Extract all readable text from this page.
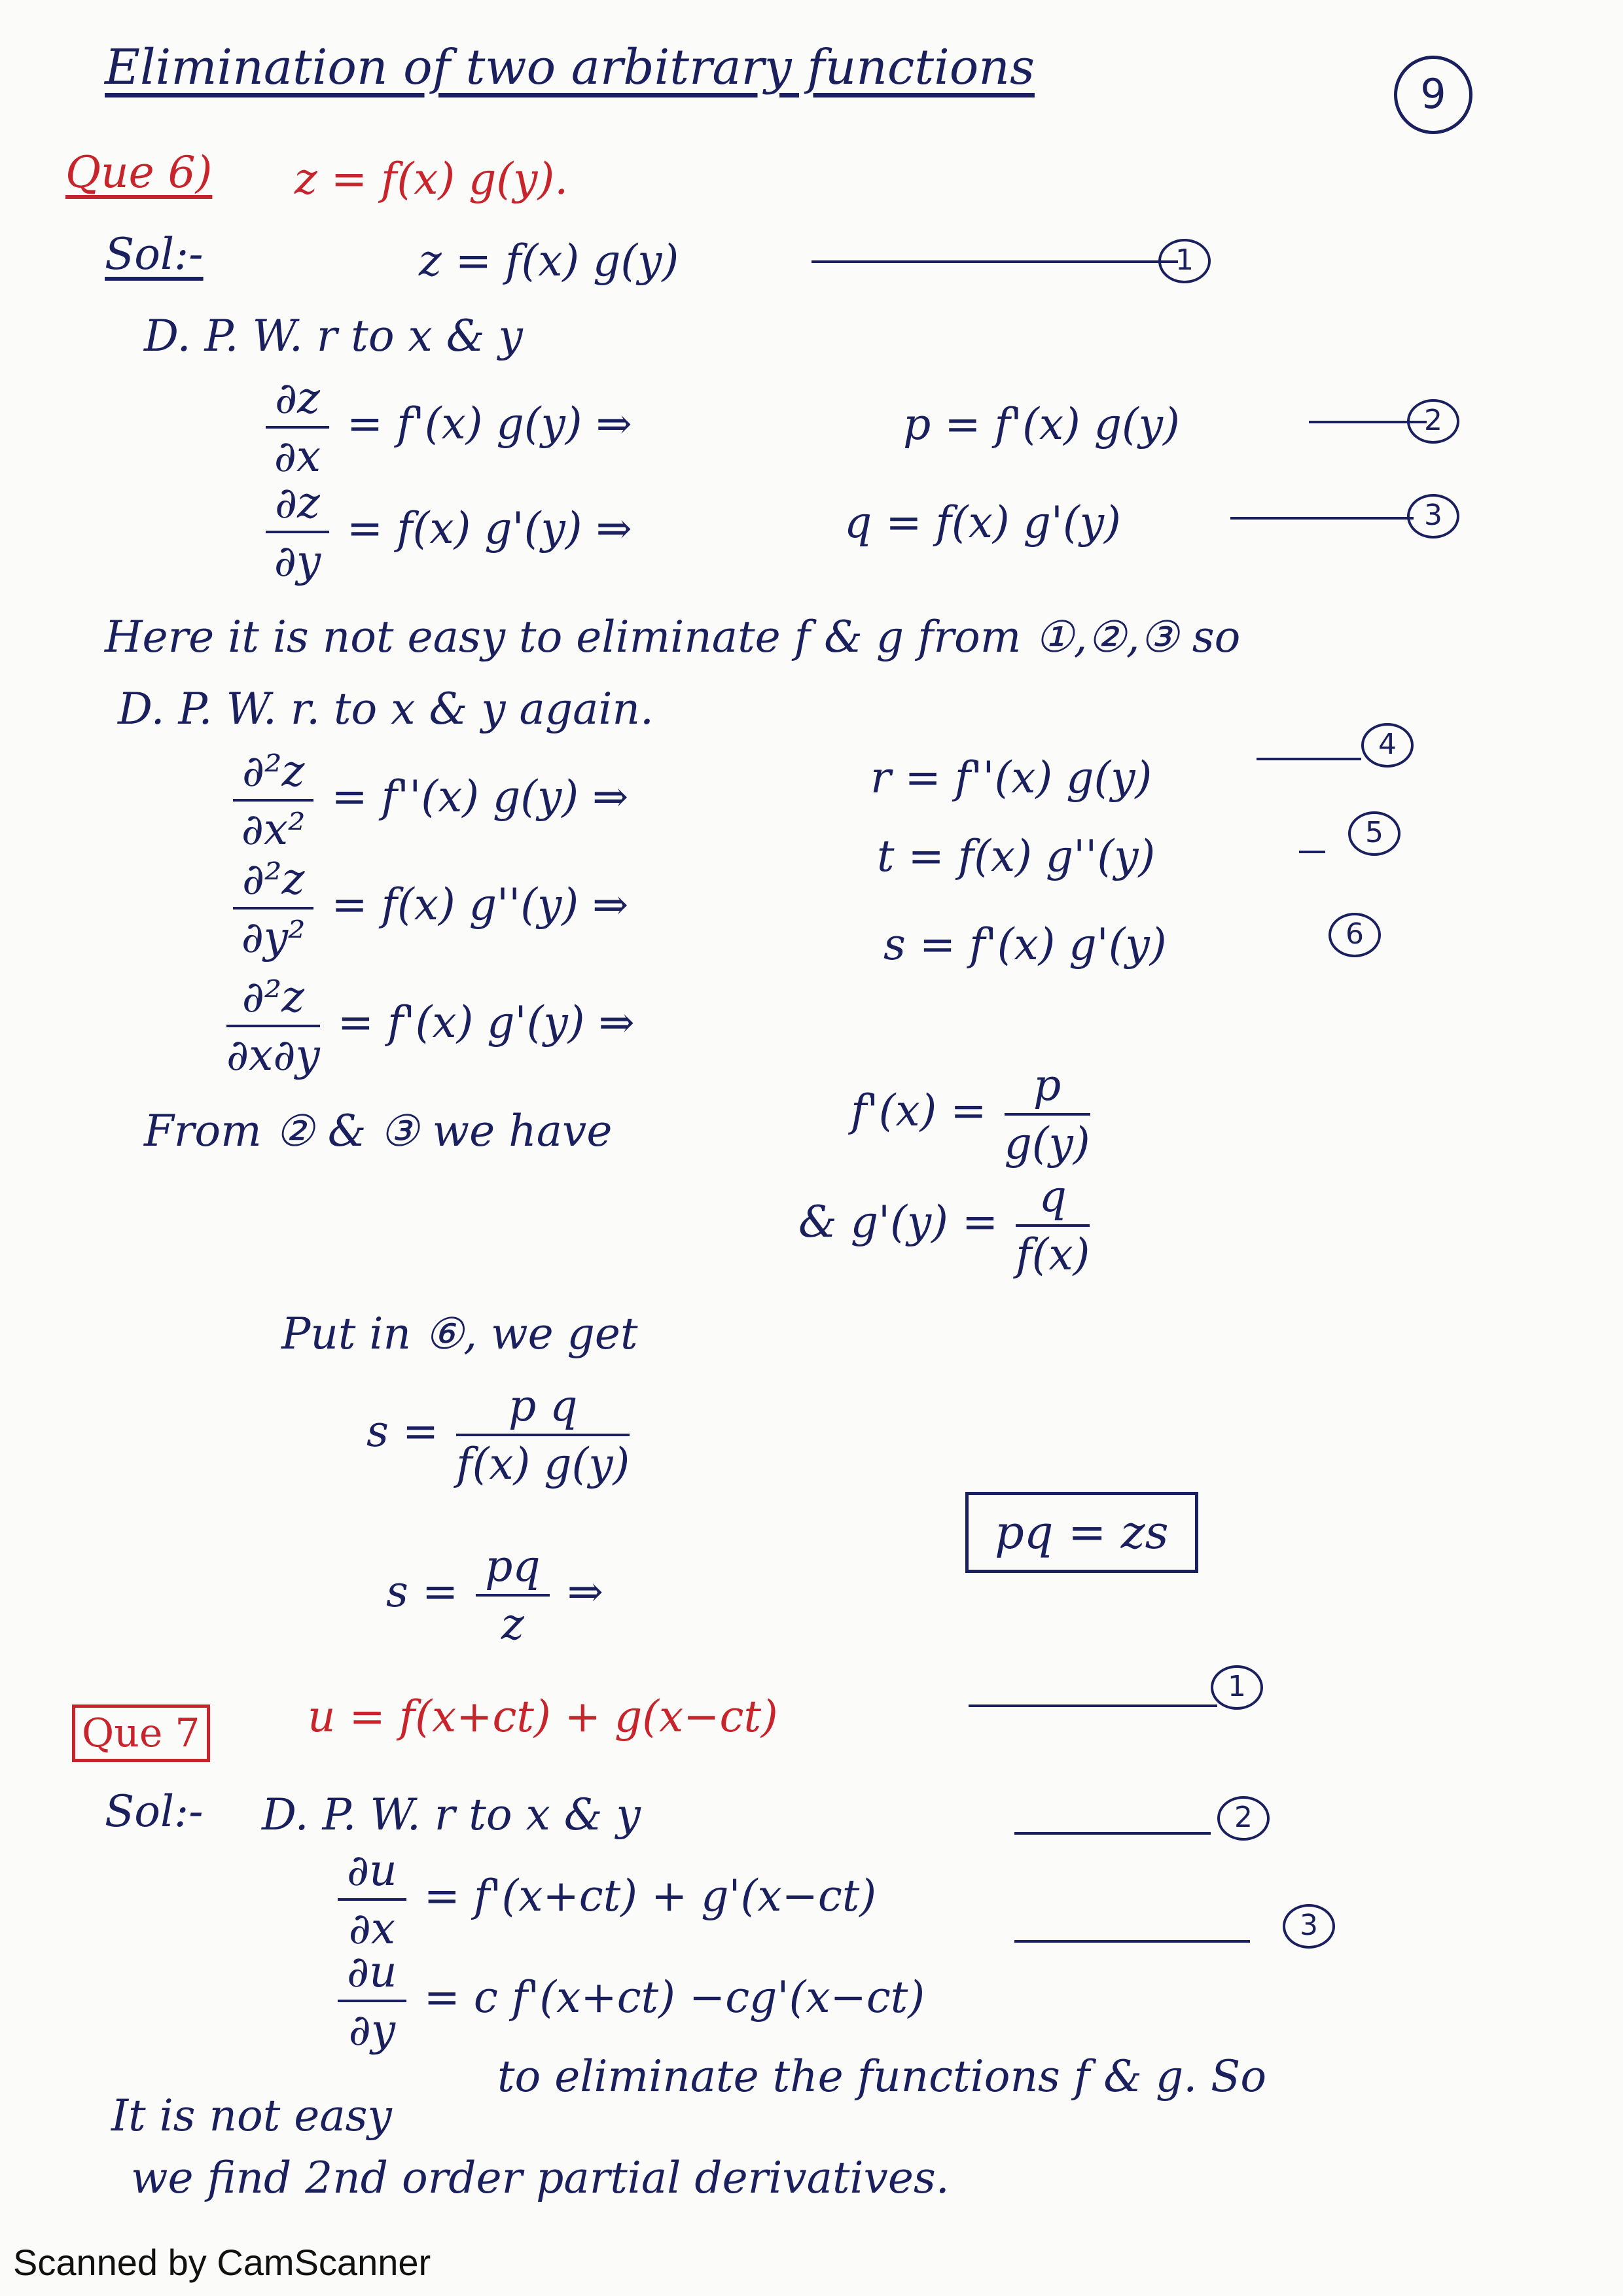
Elimination of two arbitrary functions	9
Que 6) z = f(x) g(y).
Sol:-	z = f(x) g(y)	1
D. P. W. r to x & y
$\frac{\partial z}{\partial x} = f'(x)$ g(y) ⇒	p = f'(x) g(y)	2
$\frac{\partial z}{\partial y} = f(x)$ g'(y) ⇒	q = f(x) g'(y)	3
Here it is not easy to eliminate f & g from ①,②,③ so
D. P. W. r. to x & y again.
$\frac{\text{∂²z}}{\text{∂x²}} = f''(x)$ g(y) ⇒	r = f''(x) g(y)
4
$\frac{\text{∂²z}}{\text{∂y²}} = f(x)$ g''(y) ⇒
t = f(x) g''(y)	5
$\frac{\text{∂²z}}{\partial x\partial y} = f'(x)$ g'(y) ⇒
s = f'(x) g'(y)	6
From ② & ③ we have	$f'(x) = \frac{p}{g(y)}$
& $g'(y) = \frac{q}{f(x)}$
Put in ⑥, we get
$s = \frac{\text{p q}}{f(x) g(y)}$
$s = \frac{pq}{z}$ ⇒
pq = zs
Que 7 u = f(x+ct) + g(x−ct)
1
Sol:- D. P. W. r to x & y	2
$\frac{\partial u}{\partial x} = f'(x+ct) + g'(x-ct)$
3
$\frac{\partial u}{\partial y} = c$ f'(x+ct) −cg'(x−ct)
to eliminate the functions f & g. So
It is not easy
we find 2nd order partial derivatives.
Scanned by CamScanner
